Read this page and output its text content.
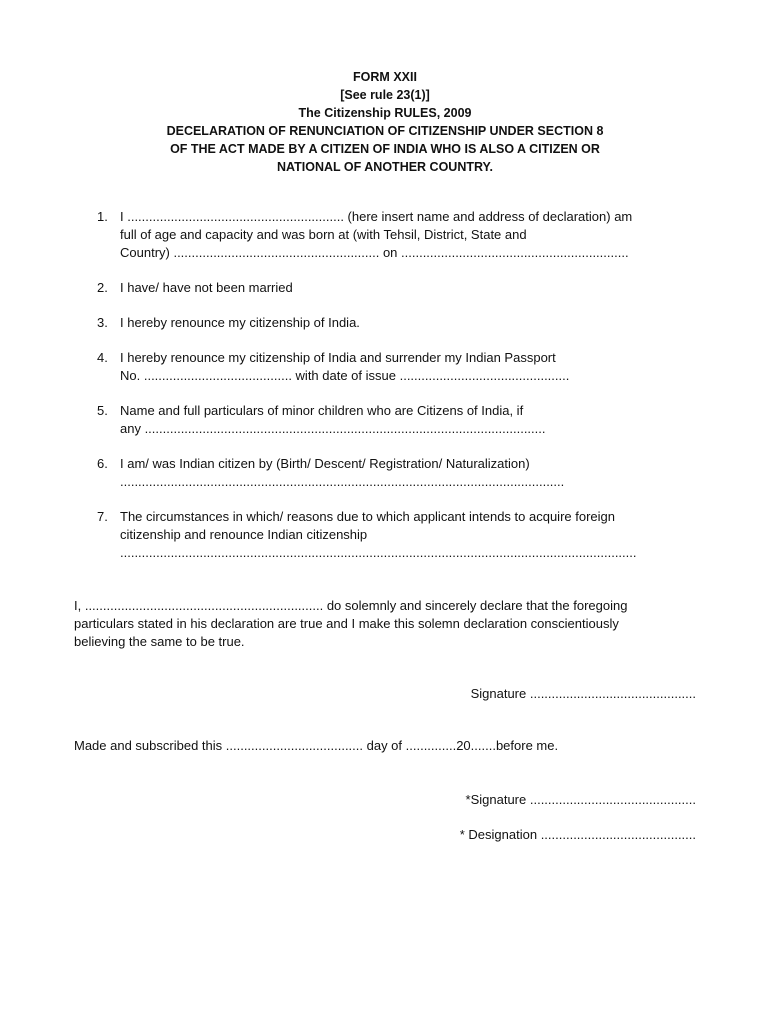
FORM XXII
[See rule 23(1)]
The Citizenship RULES, 2009
DECELARATION OF RENUNCIATION OF CITIZENSHIP UNDER SECTION 8
OF THE ACT MADE BY A CITIZEN OF INDIA WHO IS ALSO A CITIZEN OR
NATIONAL OF ANOTHER COUNTRY.
1. I ............................................................ (here insert name and address of declaration) am
full of age and capacity and was born at (with Tehsil, District, State and
Country) ......................................................... on ...............................................................
2. I have/ have not been married
3. I hereby renounce my citizenship of India.
4. I hereby renounce my citizenship of India and surrender my Indian Passport
No. ......................................... with date of issue ...............................................
5. Name and full particulars of minor children who are Citizens of India, if
any ...............................................................................................................
6. I am/ was Indian citizen by (Birth/ Descent/ Registration/ Naturalization)
...........................................................................................................................
7. The circumstances in which/ reasons due to which applicant intends to acquire foreign
citizenship and renounce Indian citizenship
...............................................................................................................................................
I, .................................................................. do solemnly and sincerely declare that the foregoing
particulars stated in his declaration are true and I make this solemn declaration conscientiously
believing the same to be true.
Signature ..............................................
Made and subscribed this ...................................... day of ..............20.......before me.
*Signature ..............................................
* Designation ...........................................
